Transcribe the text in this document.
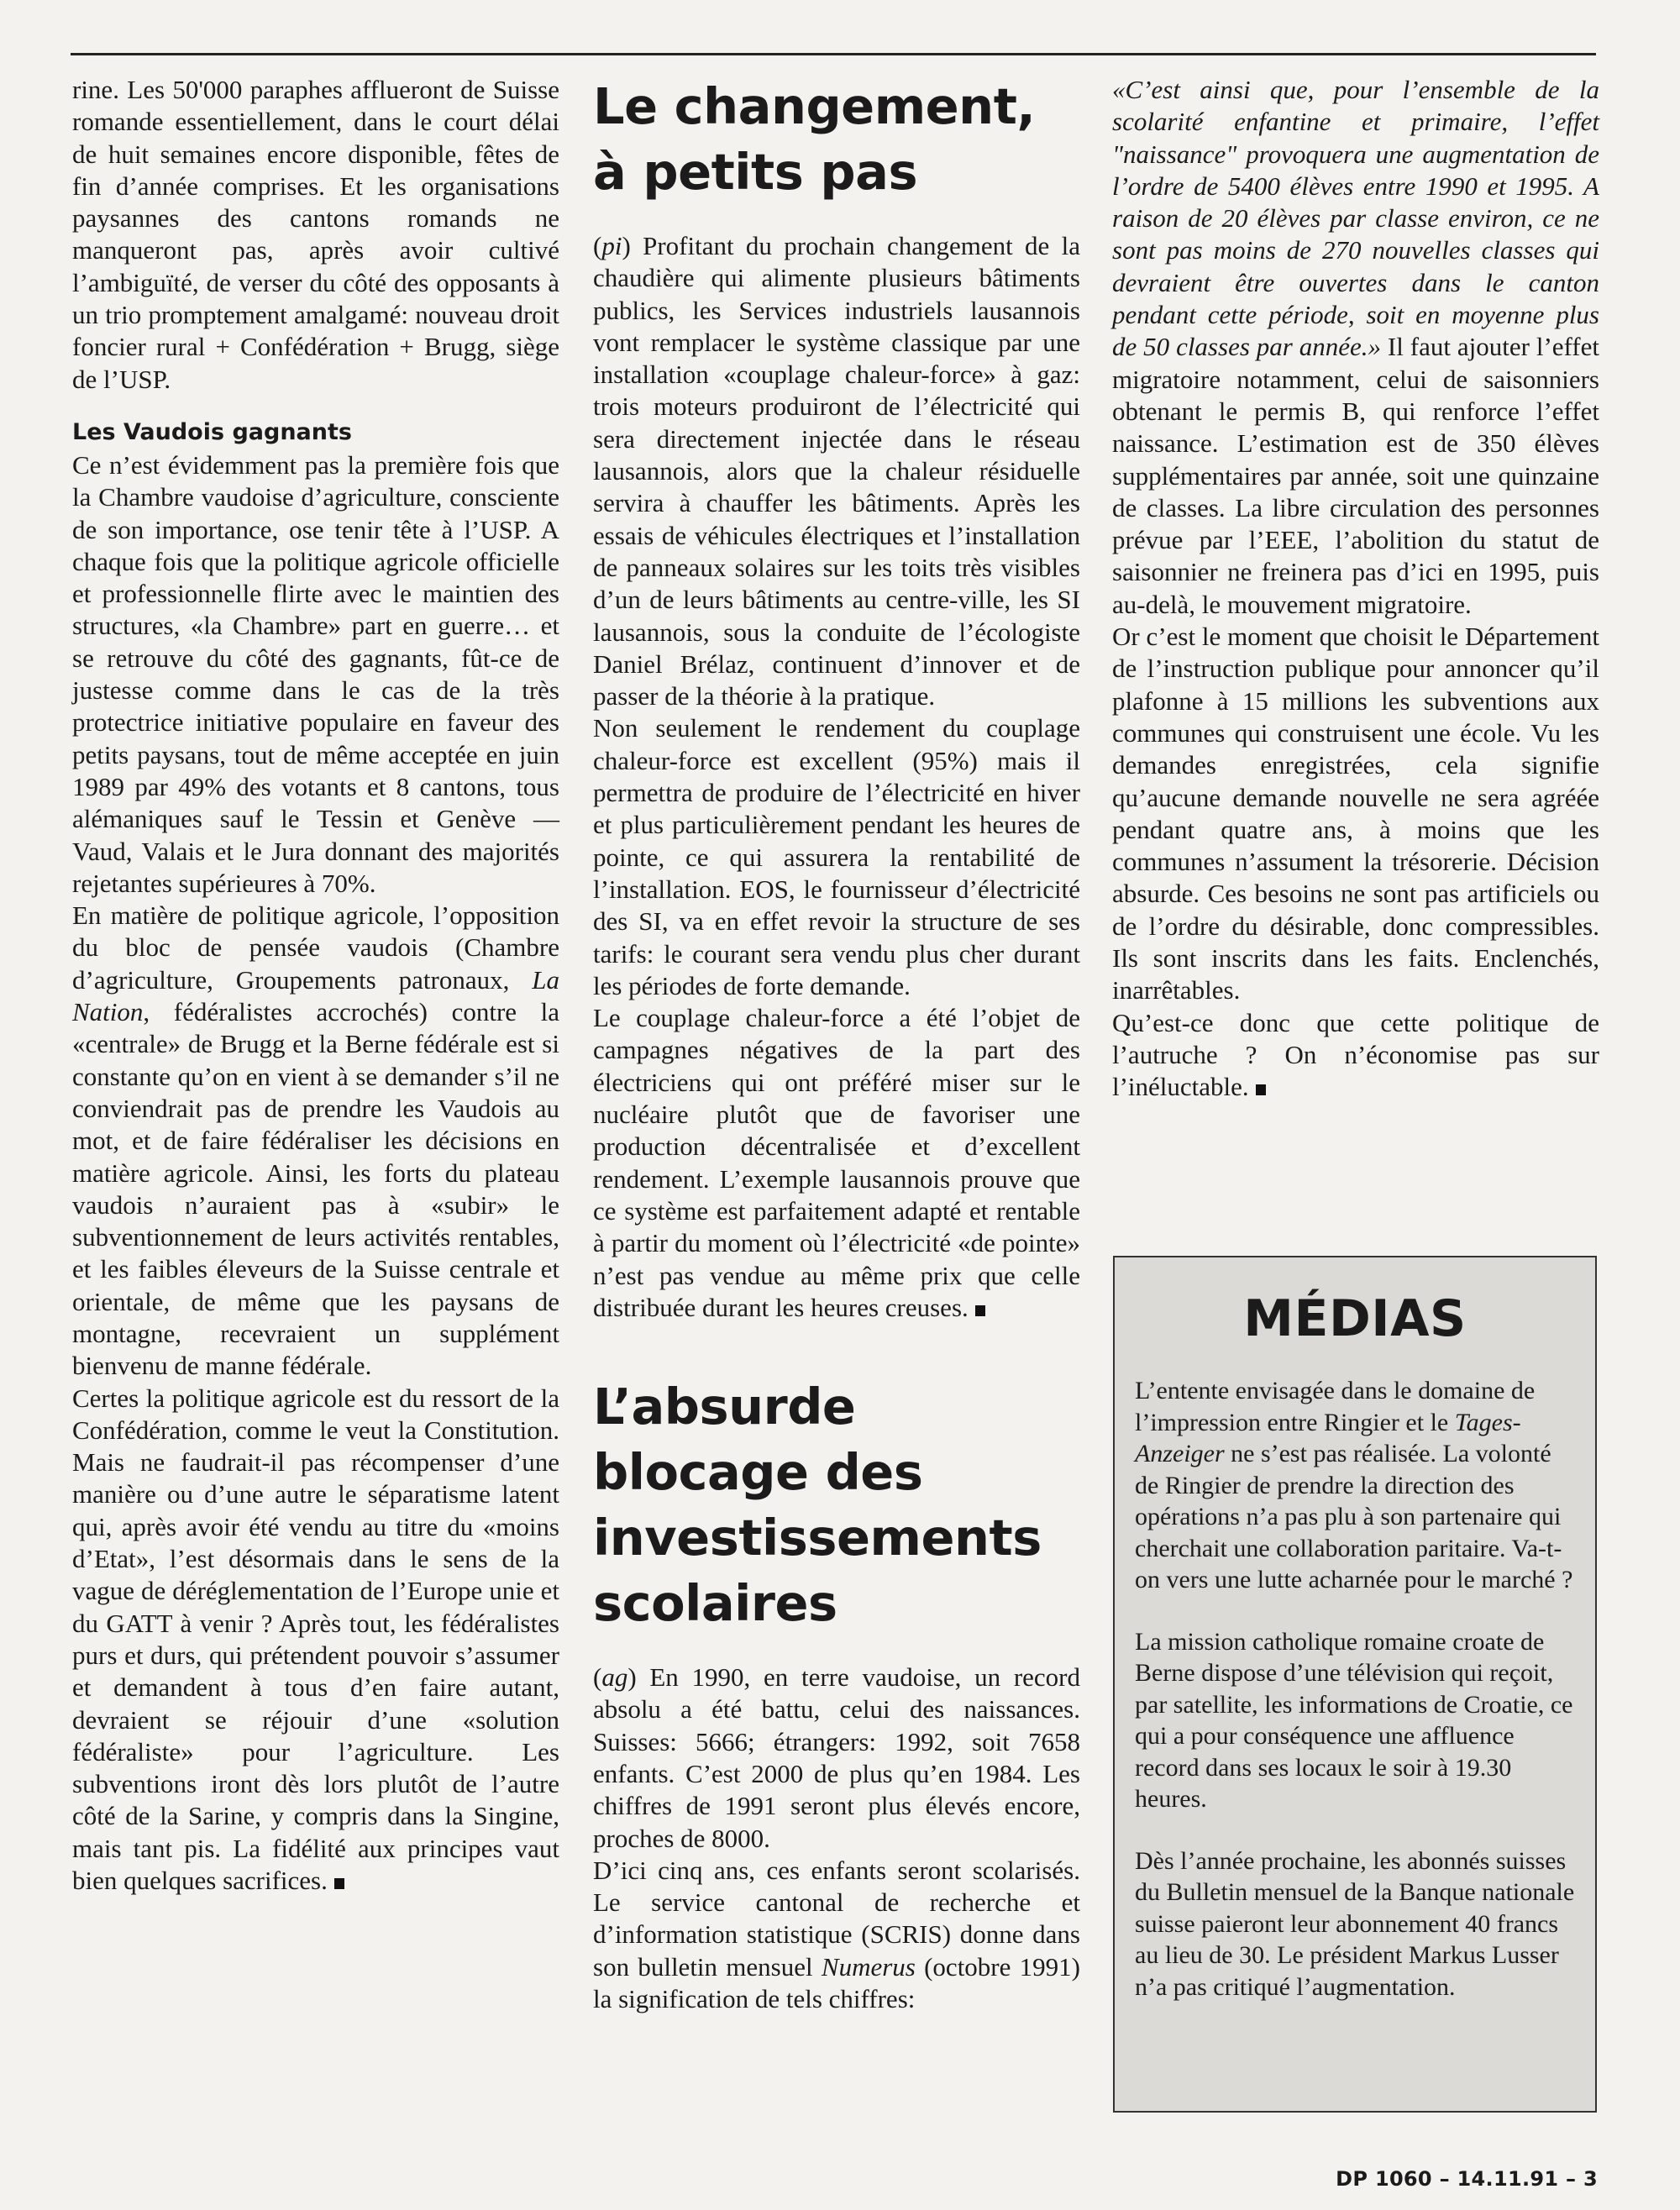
rine. Les 50'000 paraphes afflueront de Suisse romande essentiellement, dans le court délai de huit semaines encore disponible, fêtes de fin d’année comprises. Et les organisations paysannes des cantons romands ne manqueront pas, après avoir cultivé l’ambiguïté, de verser du côté des opposants à un trio promptement amalgamé: nouveau droit foncier rural + Confédération + Brugg, siège de l’USP.

Les Vaudois gagnants

Ce n’est évidemment pas la première fois que la Chambre vaudoise d’agriculture, consciente de son importance, ose tenir tête à l’USP. A chaque fois que la politique agricole officielle et professionnelle flirte avec le maintien des structures, «la Chambre» part en guerre… et se retrouve du côté des gagnants, fût-ce de justesse comme dans le cas de la très protectrice initiative populaire en faveur des petits paysans, tout de même acceptée en juin 1989 par 49% des votants et 8 cantons, tous alémaniques sauf le Tessin et Genève — Vaud, Valais et le Jura donnant des majorités rejetantes supérieures à 70%.

En matière de politique agricole, l’opposition du bloc de pensée vaudois (Chambre d’agriculture, Groupements patronaux, La Nation, fédéralistes accrochés) contre la «centrale» de Brugg et la Berne fédérale est si constante qu’on en vient à se demander s’il ne conviendrait pas de prendre les Vaudois au mot, et de faire fédéraliser les décisions en matière agricole. Ainsi, les forts du plateau vaudois n’auraient pas à «subir» le subventionnement de leurs activités rentables, et les faibles éleveurs de la Suisse centrale et orientale, de même que les paysans de montagne, recevraient un supplément bienvenu de manne fédérale.

Certes la politique agricole est du ressort de la Confédération, comme le veut la Constitution. Mais ne faudrait-il pas récompenser d’une manière ou d’une autre le séparatisme latent qui, après avoir été vendu au titre du «moins d’Etat», l’est désormais dans le sens de la vague de déréglementation de l’Europe unie et du GATT à venir ? Après tout, les fédéralistes purs et durs, qui prétendent pouvoir s’assumer et demandent à tous d’en faire autant, devraient se réjouir d’une «solution fédéraliste» pour l’agriculture. Les subventions iront dès lors plutôt de l’autre côté de la Sarine, y compris dans la Singine, mais tant pis. La fidélité aux principes vaut bien quelques sacrifices.

Le changement, à petits pas

(pi) Profitant du prochain changement de la chaudière qui alimente plusieurs bâtiments publics, les Services industriels lausannois vont remplacer le système classique par une installation «couplage chaleur-force» à gaz: trois moteurs produiront de l’électricité qui sera directement injectée dans le réseau lausannois, alors que la chaleur résiduelle servira à chauffer les bâtiments. Après les essais de véhicules électriques et l’installation de panneaux solaires sur les toits très visibles d’un de leurs bâtiments au centre-ville, les SI lausannois, sous la conduite de l’écologiste Daniel Brélaz, continuent d’innover et de passer de la théorie à la pratique.

Non seulement le rendement du couplage chaleur-force est excellent (95%) mais il permettra de produire de l’électricité en hiver et plus particulièrement pendant les heures de pointe, ce qui assurera la rentabilité de l’installation. EOS, le fournisseur d’électricité des SI, va en effet revoir la structure de ses tarifs: le courant sera vendu plus cher durant les périodes de forte demande.

Le couplage chaleur-force a été l’objet de campagnes négatives de la part des électriciens qui ont préféré miser sur le nucléaire plutôt que de favoriser une production décentralisée et d’excellent rendement. L’exemple lausannois prouve que ce système est parfaitement adapté et rentable à partir du moment où l’électricité «de pointe» n’est pas vendue au même prix que celle distribuée durant les heures creuses.

L’absurde blocage des investissements scolaires

(ag) En 1990, en terre vaudoise, un record absolu a été battu, celui des naissances. Suisses: 5666; étrangers: 1992, soit 7658 enfants. C’est 2000 de plus qu’en 1984. Les chiffres de 1991 seront plus élevés encore, proches de 8000.

D’ici cinq ans, ces enfants seront scolarisés. Le service cantonal de recherche et d’information statistique (SCRIS) donne dans son bulletin mensuel Numerus (octobre 1991) la signification de tels chiffres:

«C’est ainsi que, pour l’ensemble de la scolarité enfantine et primaire, l’effet "naissance" provoquera une augmentation de l’ordre de 5400 élèves entre 1990 et 1995. A raison de 20 élèves par classe environ, ce ne sont pas moins de 270 nouvelles classes qui devraient être ouvertes dans le canton pendant cette période, soit en moyenne plus de 50 classes par année.» Il faut ajouter l’effet migratoire notamment, celui de saisonniers obtenant le permis B, qui renforce l’effet naissance. L’estimation est de 350 élèves supplémentaires par année, soit une quinzaine de classes. La libre circulation des personnes prévue par l’EEE, l’abolition du statut de saisonnier ne freinera pas d’ici en 1995, puis au-delà, le mouvement migratoire.

Or c’est le moment que choisit le Département de l’instruction publique pour annoncer qu’il plafonne à 15 millions les subventions aux communes qui construisent une école. Vu les demandes enregistrées, cela signifie qu’aucune demande nouvelle ne sera agréée pendant quatre ans, à moins que les communes n’assument la trésorerie. Décision absurde. Ces besoins ne sont pas artificiels ou de l’ordre du désirable, donc compressibles. Ils sont inscrits dans les faits. Enclenchés, inarrêtables.

Qu’est-ce donc que cette politique de l’autruche ? On n’économise pas sur l’inéluctable.

MÉDIAS

L’entente envisagée dans le domaine de l’impression entre Ringier et le Tages-Anzeiger ne s’est pas réalisée. La volonté de Ringier de prendre la direction des opérations n’a pas plu à son partenaire qui cherchait une collaboration paritaire. Va-t-on vers une lutte acharnée pour le marché ?

La mission catholique romaine croate de Berne dispose d’une télévision qui reçoit, par satellite, les informations de Croatie, ce qui a pour conséquence une affluence record dans ses locaux le soir à 19.30 heures.

Dès l’année prochaine, les abonnés suisses du Bulletin mensuel de la Banque nationale suisse paieront leur abonnement 40 francs au lieu de 30. Le président Markus Lusser n’a pas critiqué l’augmentation.

DP 1060 – 14.11.91 – 3
